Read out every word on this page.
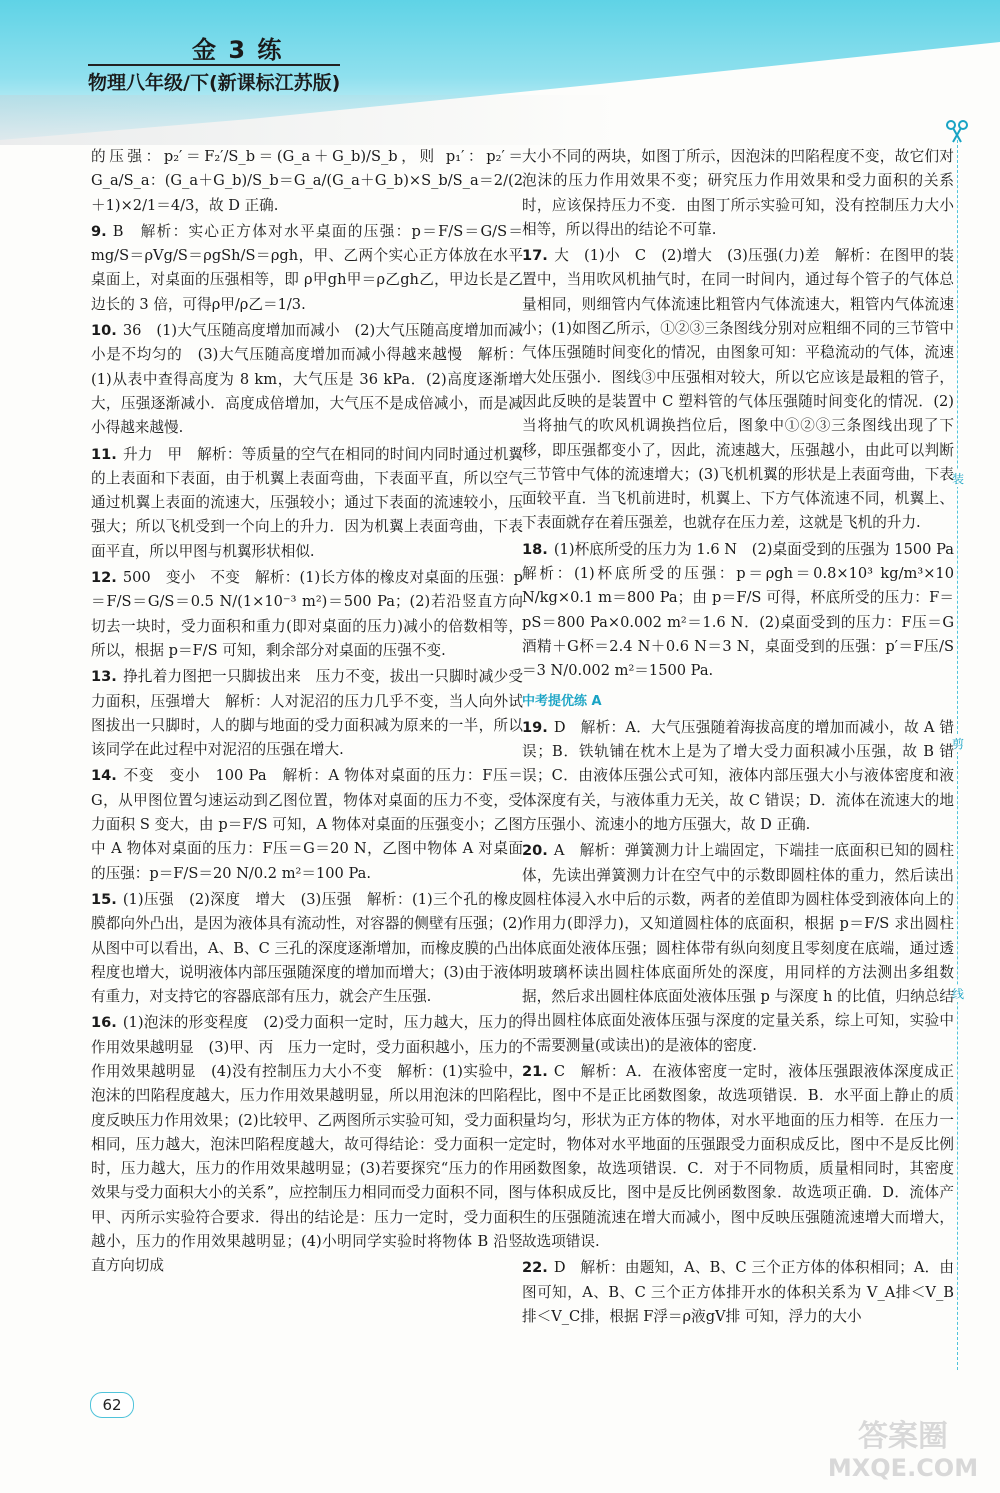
金 3 练
物理八年级/下(新课标江苏版)
装
剪
线
的压强：p₂′＝F₂′/S_b＝(G_a＋G_b)/S_b，则 p₁′：p₂′＝G_a/S_a：(G_a＋G_b)/S_b＝G_a/(G_a＋G_b)×S_b/S_a＝2/(2＋1)×2/1＝4/3，故 D 正确.
9. B　解析：实心正方体对水平桌面的压强：p＝F/S＝G/S＝mg/S＝ρVg/S＝ρgSh/S＝ρgh，甲、乙两个实心正方体放在水平桌面上，对桌面的压强相等，即 ρ甲gh甲＝ρ乙gh乙，甲边长是乙边长的 3 倍，可得ρ甲/ρ乙＝1/3.
10. 36　(1)大气压随高度增加而减小　(2)大气压随高度增加而减小是不均匀的　(3)大气压随高度增加而减小得越来越慢　解析：(1)从表中查得高度为 8 km，大气压是 36 kPa．(2)高度逐渐增大，压强逐渐减小．高度成倍增加，大气压不是成倍减小，而是减小得越来越慢.
11. 升力　甲　解析：等质量的空气在相同的时间内同时通过机翼的上表面和下表面，由于机翼上表面弯曲，下表面平直，所以空气通过机翼上表面的流速大，压强较小；通过下表面的流速较小，压强大；所以飞机受到一个向上的升力．因为机翼上表面弯曲，下表面平直，所以甲图与机翼形状相似.
12. 500　变小　不变　解析：(1)长方体的橡皮对桌面的压强：p＝F/S＝G/S＝0.5 N/(1×10⁻³ m²)＝500 Pa；(2)若沿竖直方向切去一块时，受力面积和重力(即对桌面的压力)减小的倍数相等，所以，根据 p＝F/S 可知，剩余部分对桌面的压强不变.
13. 挣扎着力图把一只脚拔出来　压力不变，拔出一只脚时减少受力面积，压强增大　解析：人对泥沼的压力几乎不变，当人向外试图拔出一只脚时，人的脚与地面的受力面积减为原来的一半，所以该同学在此过程中对泥沼的压强在增大.
14. 不变　变小　100 Pa　解析：A 物体对桌面的压力：F压＝G，从甲图位置匀速运动到乙图位置，物体对桌面的压力不变，受力面积 S 变大，由 p＝F/S 可知，A 物体对桌面的压强变小；乙图中 A 物体对桌面的压力：F压＝G＝20 N，乙图中物体 A 对桌面的压强：p＝F/S＝20 N/0.2 m²＝100 Pa.
15. (1)压强　(2)深度　增大　(3)压强　解析：(1)三个孔的橡皮膜都向外凸出，是因为液体具有流动性，对容器的侧壁有压强；(2)从图中可以看出，A、B、C 三孔的深度逐渐增加，而橡皮膜的凸出程度也增大，说明液体内部压强随深度的增加而增大；(3)由于液体有重力，对支持它的容器底部有压力，就会产生压强.
16. (1)泡沫的形变程度　(2)受力面积一定时，压力越大，压力的作用效果越明显　(3)甲、丙　压力一定时，受力面积越小，压力的作用效果越明显　(4)没有控制压力大小不变　解析：(1)实验中，泡沫的凹陷程度越大，压力作用效果越明显，所以用泡沫的凹陷程度反映压力作用效果；(2)比较甲、乙两图所示实验可知，受力面积相同，压力越大，泡沫凹陷程度越大，故可得结论：受力面积一定时，压力越大，压力的作用效果越明显；(3)若要探究“压力的作用效果与受力面积大小的关系”，应控制压力相同而受力面积不同，图甲、丙所示实验符合要求．得出的结论是：压力一定时，受力面积越小，压力的作用效果越明显；(4)小明同学实验时将物体 B 沿竖直方向切成
大小不同的两块，如图丁所示，因泡沫的凹陷程度不变，故它们对泡沫的压力作用效果不变；研究压力作用效果和受力面积的关系时，应该保持压力不变．由图丁所示实验可知，没有控制压力大小相等，所以得出的结论不可靠.
17. 大　(1)小　C　(2)增大　(3)压强(力)差　解析：在图甲的装置中，当用吹风机抽气时，在同一时间内，通过每个管子的气体总量相同，则细管内气体流速比粗管内气体流速大，粗管内气体流速小；(1)如图乙所示，①②③三条图线分别对应粗细不同的三节管中气体压强随时间变化的情况，由图象可知：平稳流动的气体，流速大处压强小．图线③中压强相对较大，所以它应该是最粗的管子，因此反映的是装置中 C 塑料管的气体压强随时间变化的情况．(2)当将抽气的吹风机调换挡位后，图象中①②③三条图线出现了下移，即压强都变小了，因此，流速越大，压强越小，由此可以判断三节管中气体的流速增大；(3)飞机机翼的形状是上表面弯曲，下表面较平直．当飞机前进时，机翼上、下方气体流速不同，机翼上、下表面就存在着压强差，也就存在压力差，这就是飞机的升力.
18. (1)杯底所受的压力为 1.6 N　(2)桌面受到的压强为 1500 Pa　解析：(1)杯底所受的压强：p＝ρgh＝0.8×10³ kg/m³×10 N/kg×0.1 m＝800 Pa；由 p＝F/S 可得，杯底所受的压力：F＝pS＝800 Pa×0.002 m²＝1.6 N．(2)桌面受到的压力：F压＝G酒精＋G杯＝2.4 N＋0.6 N＝3 N，桌面受到的压强：p′＝F压/S＝3 N/0.002 m²＝1500 Pa.
中考提优练 A
19. D　解析：A．大气压强随着海拔高度的增加而减小，故 A 错误；B．铁轨铺在枕木上是为了增大受力面积减小压强，故 B 错误；C．由液体压强公式可知，液体内部压强大小与液体密度和液体深度有关，与液体重力无关，故 C 错误；D．流体在流速大的地方压强小、流速小的地方压强大，故 D 正确.
20. A　解析：弹簧测力计上端固定，下端挂一底面积已知的圆柱体，先读出弹簧测力计在空气中的示数即圆柱体的重力，然后读出圆柱体浸入水中后的示数，两者的差值即为圆柱体受到液体向上的作用力(即浮力)，又知道圆柱体的底面积，根据 p＝F/S 求出圆柱体底面处液体压强；圆柱体带有纵向刻度且零刻度在底端，通过透明玻璃杯读出圆柱体底面所处的深度，用同样的方法测出多组数据，然后求出圆柱体底面处液体压强 p 与深度 h 的比值，归纳总结得出圆柱体底面处液体压强与深度的定量关系，综上可知，实验中不需要测量(或读出)的是液体的密度.
21. C　解析：A．在液体密度一定时，液体压强跟液体深度成正比，图中不是正比函数图象，故选项错误．B．水平面上静止的质量均匀，形状为正方体的物体，对水平地面的压力相等．在压力一定时，物体对水平地面的压强跟受力面积成反比，图中不是反比例函数图象，故选项错误．C．对于不同物质，质量相同时，其密度与体积成反比，图中是反比例函数图象．故选项正确．D．流体产生的压强随流速在增大而减小，图中反映压强随流速增大而增大，故选项错误.
22. D　解析：由题知，A、B、C 三个正方体的体积相同；A．由图可知，A、B、C 三个正方体排开水的体积关系为 V_A排＜V_B排＜V_C排，根据 F浮＝ρ液gV排 可知，浮力的大小
62
答案圈
MXQE.COM
